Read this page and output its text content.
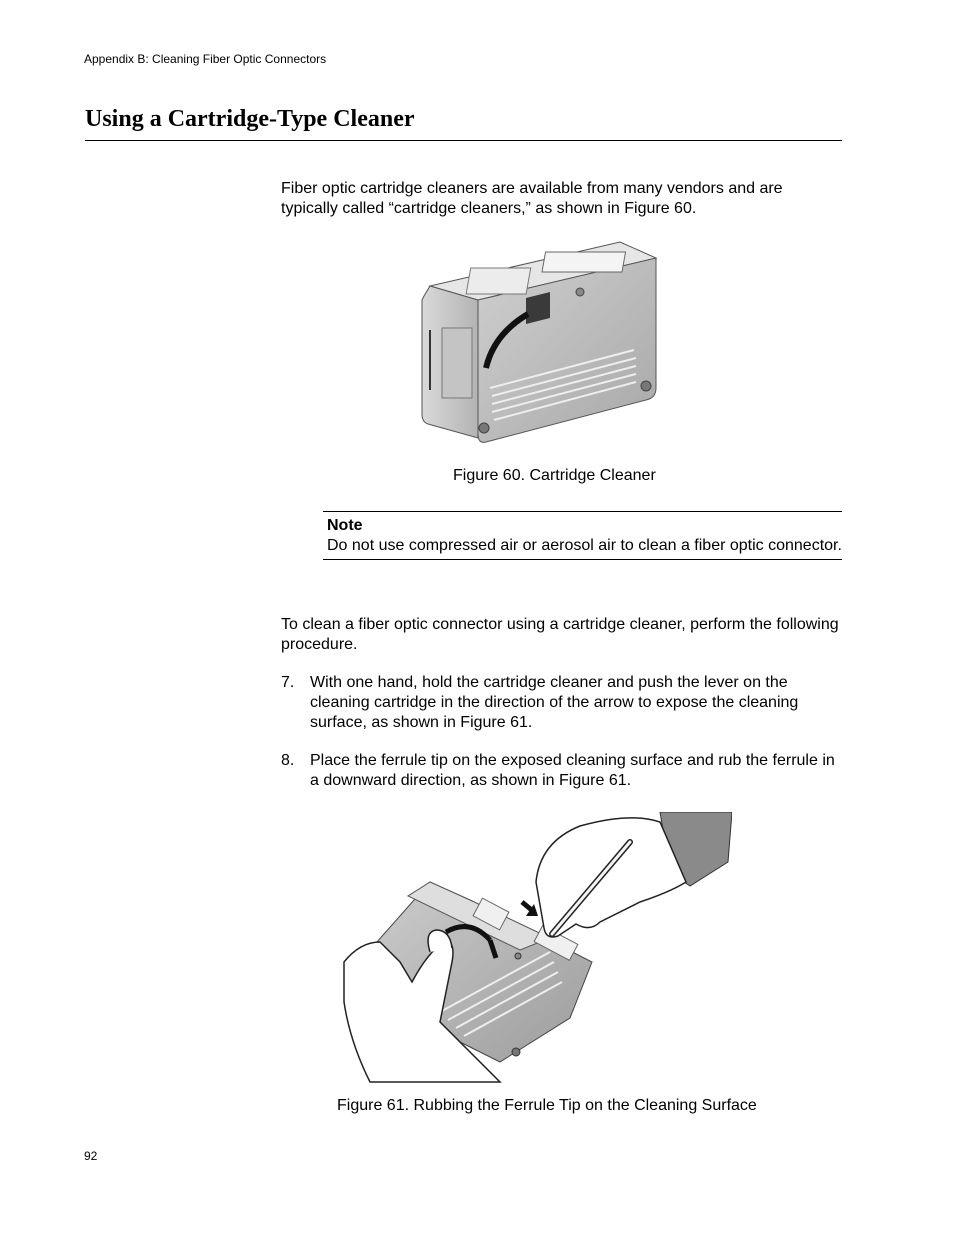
Appendix B: Cleaning Fiber Optic Connectors
Using a Cartridge-Type Cleaner

Fiber optic cartridge cleaners are available from many vendors and are typically called “cartridge cleaners,” as shown in Figure 60.

Figure 60. Cartridge Cleaner
Note
Do not use compressed air or aerosol air to clean a fiber optic connector.

To clean a fiber optic connector using a cartridge cleaner, perform the following procedure.

7. With one hand, hold the cartridge cleaner and push the lever on the cleaning cartridge in the direction of the arrow to expose the cleaning surface, as shown in Figure 61.
8. Place the ferrule tip on the exposed cleaning surface and rub the ferrule in a downward direction, as shown in Figure 61.
Figure 61. Rubbing the Ferrule Tip on the Cleaning Surface
92
